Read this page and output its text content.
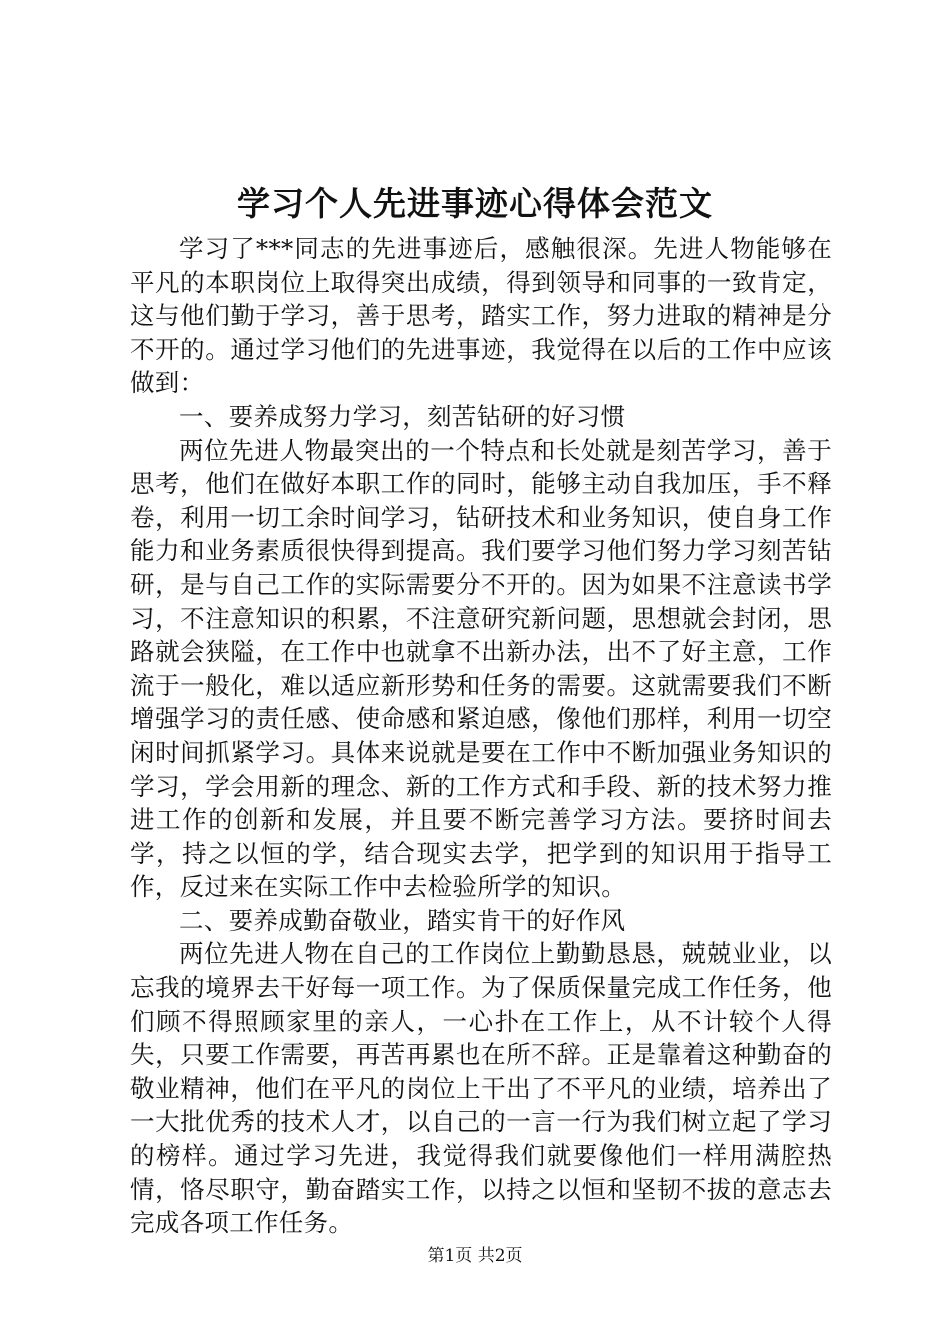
学习个人先进事迹心得体会范文

学习了***同志的先进事迹后，感触很深。先进人物能够在平凡的本职岗位上取得突出成绩，得到领导和同事的一致肯定，这与他们勤于学习，善于思考，踏实工作，努力进取的精神是分不开的。通过学习他们的先进事迹，我觉得在以后的工作中应该做到：

一、要养成努力学习，刻苦钻研的好习惯

两位先进人物最突出的一个特点和长处就是刻苦学习，善于思考，他们在做好本职工作的同时，能够主动自我加压，手不释卷，利用一切工余时间学习，钻研技术和业务知识，使自身工作能力和业务素质很快得到提高。我们要学习他们努力学习刻苦钻研，是与自己工作的实际需要分不开的。因为如果不注意读书学习，不注意知识的积累，不注意研究新问题，思想就会封闭，思路就会狭隘，在工作中也就拿不出新办法，出不了好主意，工作流于一般化，难以适应新形势和任务的需要。这就需要我们不断增强学习的责任感、使命感和紧迫感，像他们那样，利用一切空闲时间抓紧学习。具体来说就是要在工作中不断加强业务知识的学习，学会用新的理念、新的工作方式和手段、新的技术努力推进工作的创新和发展，并且要不断完善学习方法。要挤时间去学，持之以恒的学，结合现实去学，把学到的知识用于指导工作，反过来在实际工作中去检验所学的知识。

二、要养成勤奋敬业，踏实肯干的好作风

两位先进人物在自己的工作岗位上勤勤恳恳，兢兢业业，以忘我的境界去干好每一项工作。为了保质保量完成工作任务，他们顾不得照顾家里的亲人，一心扑在工作上，从不计较个人得失，只要工作需要，再苦再累也在所不辞。正是靠着这种勤奋的敬业精神，他们在平凡的岗位上干出了不平凡的业绩，培养出了一大批优秀的技术人才，以自己的一言一行为我们树立起了学习的榜样。通过学习先进，我觉得我们就要像他们一样用满腔热情，恪尽职守，勤奋踏实工作，以持之以恒和坚韧不拔的意志去完成各项工作任务。

第1页 共2页
